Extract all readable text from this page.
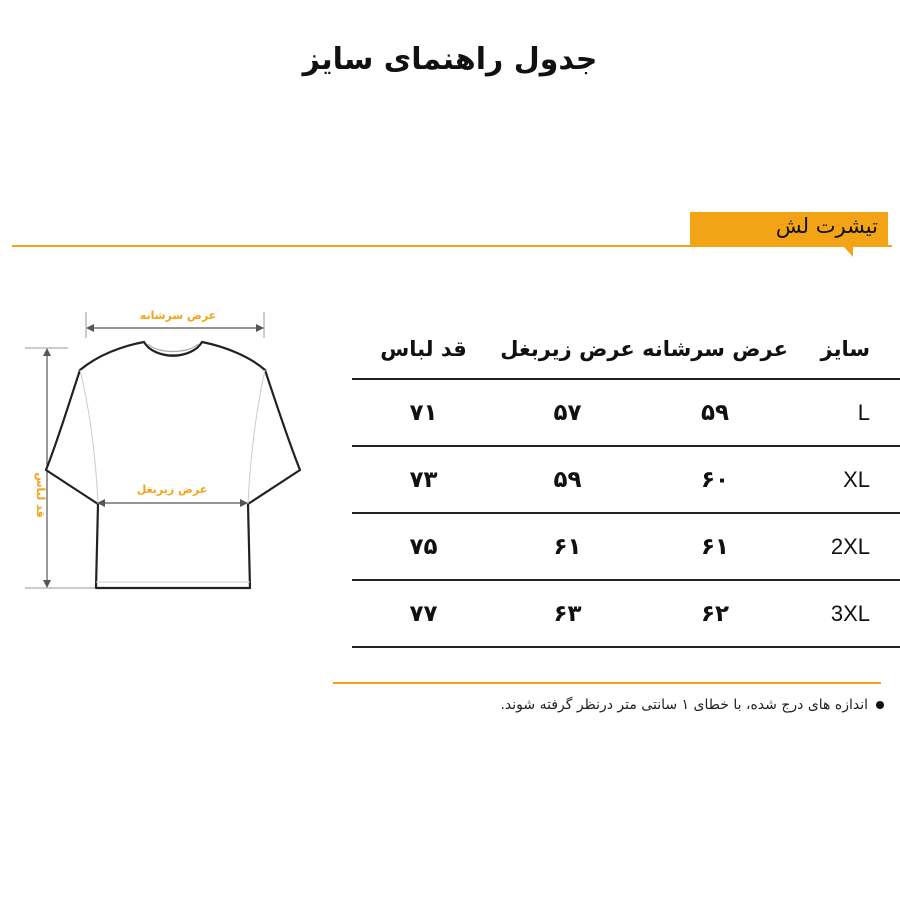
جدول راهنمای سایز
تیشرت لش
عرض سرشانه
قد لباس	عرض زیربغل
سایز
عرض سرشانه
عرض زیربغل
قد لباس
L
۵۹
۵۷
۷۱
XL
۶۰
۵۹
۷۳
2XL
۶۱
۶۱
۷۵
3XL
۶۲
۶۳
۷۷
اندازه های درج شده، با خطای ۱ سانتی متر درنظر گرفته شوند.
